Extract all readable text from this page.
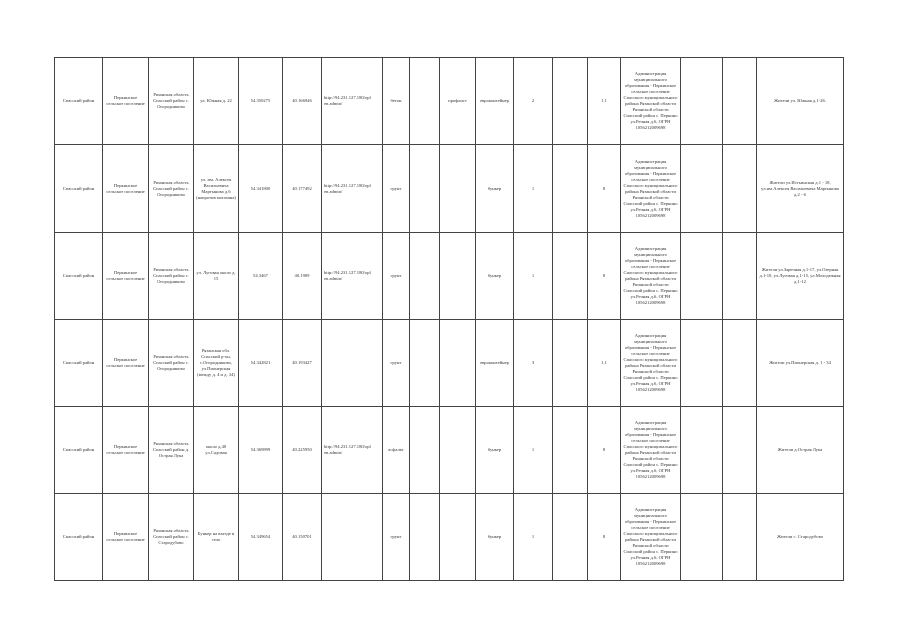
Спасский район	Перкинское сельское поселение	Рязанская область Спасский район с. Огородниково	ул. Южная д. 22	54.350275	40.166946	http://94.231.127.180/opl en.admin/	бетон		профлист	евроконтейнер	2		1.1	Администрация муниципального образования - Перкинское сельское поселение Спасского муниципального района Рязанской области Рязанской области Спасский район с. Перкино ул.Речная д.6, ОГРН 1056212009698			Жители ул. Южная д.1-26.
Спасский район	Перкинское сельское поселение	Рязанская область Спасский район с. Огородниково	ул. им. Алексея Васильевича Мартынова д.6 (напротив магазина)	54.341800	40.177492	http://94.231.127.180/opl en.admin/	грунт			бункер	1		8	Администрация муниципального образования - Перкинское сельское поселение Спасского муниципального района Рязанской области Рязанской области Спасский район с. Перкино ул.Речная д.6, ОГРН 1056212009698			Жители ул.Истьинская д.1 - 18, ул.им.Алексея Васильевича Мартынова д.2 - 6
Спасский район	Перкинское сельское поселение	Рязанская область Спасский район с. Огородниково	ул. Луговая около д. 15	54.3467	40.1909	http://94.231.127.180/opl en.admin/	грунт			бункер	1		8	Администрация муниципального образования - Перкинское сельское поселение Спасского муниципального района Рязанской области Рязанской области Спасский район с. Перкино ул.Речная д.6, ОГРН 1056212009698			Жители ул.Заречная д.1-17, ул.Озерная д.1-10, ул.Луговая д.1-15, ул.Молодежная д.1-12
Спасский район	Перкинское сельское поселение	Рязанская область Спасский район с. Огородниково	Рязанская обл. Спасский р-он, с.Огородниково, ул.Пионерская (между д. 4 и д. 34)	54.342821	40.193427		грунт			евроконтейнер	3		1.1	Администрация муниципального образования - Перкинское сельское поселение Спасского муниципального района Рязанской области Рязанской области Спасский район с. Перкино ул.Речная д.6, ОГРН 1056212009698			Жители ул.Пионерская д. 1 - 34
Спасский район	Перкинское сельское поселение	Рязанская область Спасский район д. Острая Лука	около д.40 ул.Садовая	54.369899	40.225950	http://94.231.127.180/opl en.admin/	асфальт			бункер	1		8	Администрация муниципального образования - Перкинское сельское поселение Спасского муниципального района Рязанской области Рязанской области Спасский район с. Перкино ул.Речная д.6, ОГРН 1056212009698			Жители д.Острая Лука
Спасский район	Перкинское сельское поселение	Рязанская область Спасский район с. Стародубово	Бункер на въезде в село	54.349654	40.150701		грунт			бункер	1		8	Администрация муниципального образования - Перкинское сельское поселение Спасского муниципального района Рязанской области Рязанской области Спасский район с. Перкино ул.Речная д.6, ОГРН 1056212009698			Жители с. Стародубово
